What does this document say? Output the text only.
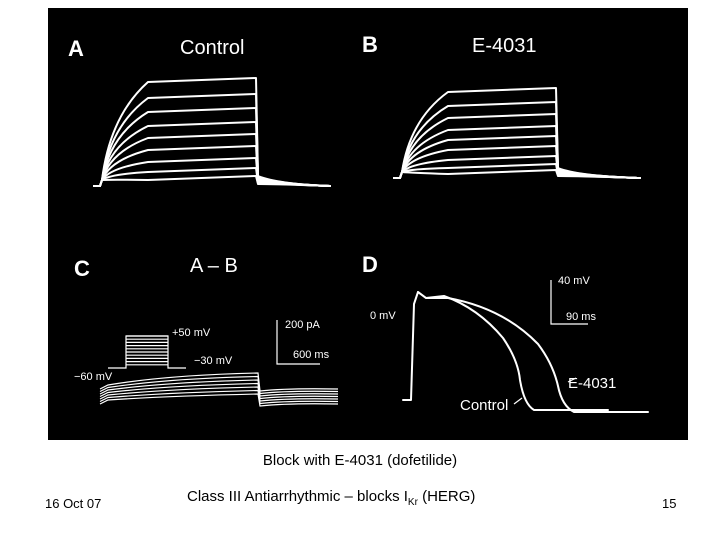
A	Control	B	E-4031
C	A – B
+50 mV
−30 mV
−60 mV
200 pA
600 ms
D
0 mV
40 mV
90 ms
Control
E-4031
Block with E-4031 (dofetilide)
16 Oct 07	Class III Antiarrhythmic – blocks $I_{Kr}$ (HERG)	15
